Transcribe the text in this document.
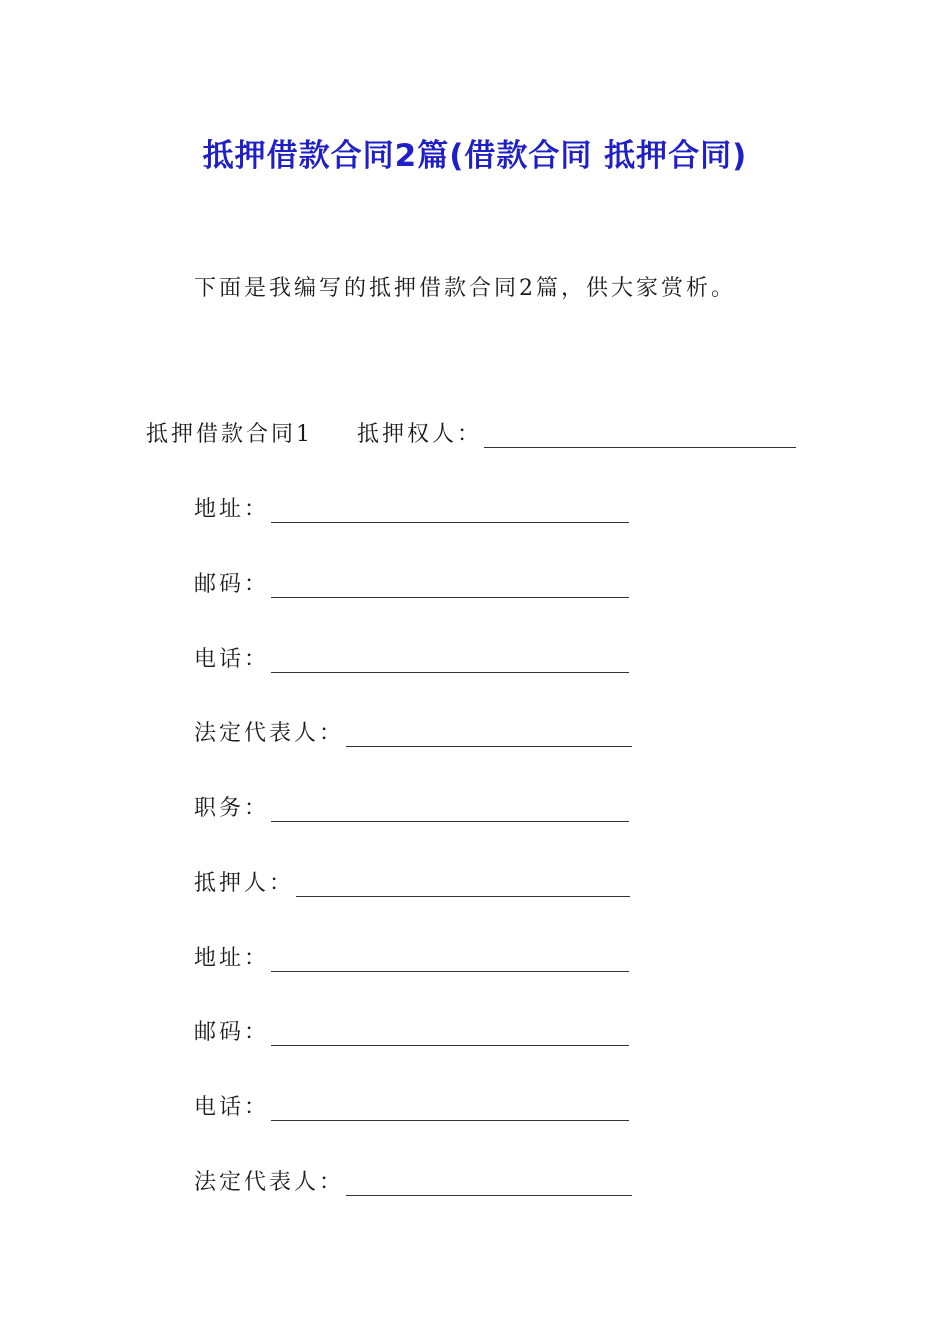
抵押借款合同2篇(借款合同 抵押合同)
下面是我编写的抵押借款合同2篇，供大家赏析。
抵押借款合同1 抵押权人：
地址：
邮码：
电话：
法定代表人：
职务：
抵押人：
地址：
邮码：
电话：
法定代表人：
